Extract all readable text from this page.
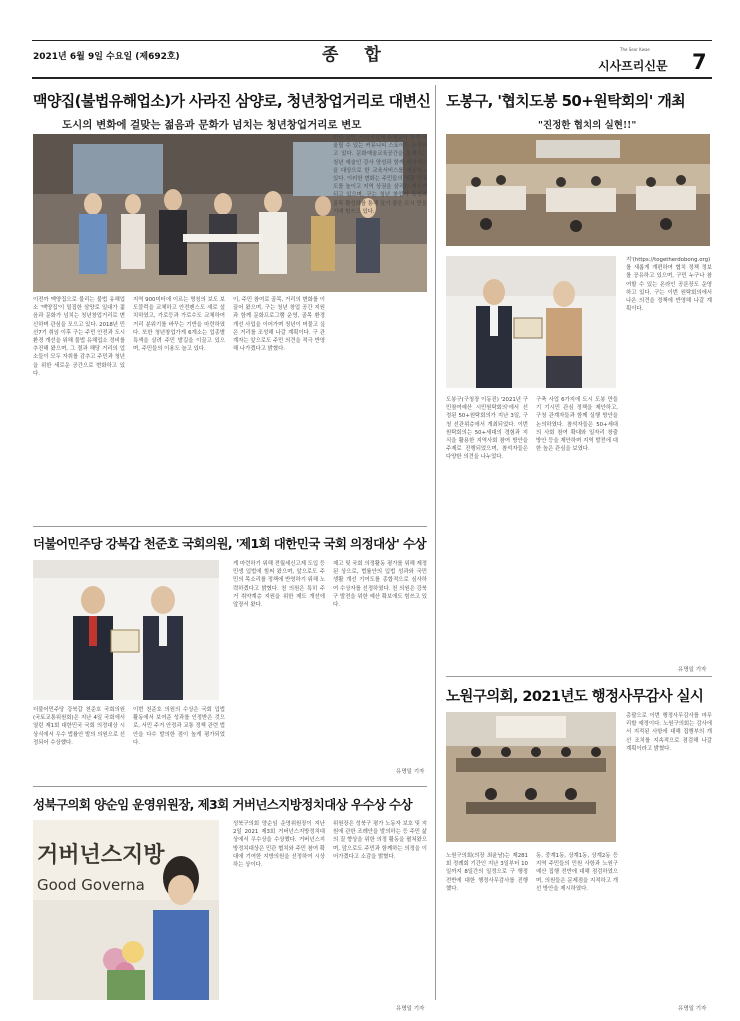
2021년 6월 9일 수요일 (제692호)	종 합	The Seor Kwae
시사프리신문 7
맥양집(불법유해업소)가 사라진 삼양로, 청년창업거리로 대변신
도시의 변화에 걸맞는 젊음과 문화가 넘치는 청년창업거리로 변모
이전까 맥양집으로 불리는 불법 유해업소 '맥양집'이 밀집한 삼양로 일대가 젊음과 문화가 넘치는 청년창업거리로 변신하며 관심을 모으고 있다. 2018년 민선7기 취임 이후 구는 주민 안전과 도시환경 개선을 위해 불법 유해업소 정비를 추진해 왔으며, 그 결과 해당 거리의 업소들이 모두 자취를 감추고 주민과 청년을 위한 새로운 공간으로 변화하고 있다.
지역 900미터에 이르는 명칭의 보도 보도블럭을 교체하고 안전펜스도 새로 설치하였고, 가로등과 가로수도 교체하여 거리 분위기를 바꾸는 기반을 마련하였다. 또한 청년창업가게 6개소는 업종별 특색을 살려 주민 발길을 이끌고 있으며, 주민들의 이용도 늘고 있다.
이, 주민 참여로 골목, 거리의 변화를 이끌어 왔으며, 구는 청년 창업 공간 지원과 함께 문화프로그램 운영, 골목 환경 개선 사업을 이어가며 청년이 머물고 싶은 거리를 조성해 나갈 계획이다. 구 관계자는 앞으로도 주민 의견을 적극 반영해 나가겠다고 밝혔다.
면과 삼인, 사회적경제 주체들이 함께 어울릴 수 있는 커뮤니티 스토어도 운영되고 있다. 문화예술교육공간을 통해서는 청년 예술인 강사 양성과 함께 취약계층을 대상으로 한 교육서비스를 제공하고 있다. 이러한 변화는 주민들의 생활 만족도를 높이고 지역 상권을 살리는 계기가 되고 있으며, 구는 청년 창업가 육성과 골목 활성화를 통해 살기 좋은 도시 만들기에 힘쓰고 있다.
도봉구, '협치도봉 50+원탁회의' 개최
"진정한 협치의 실현!!"
도봉구(구청장 이동진) '2021년 구민참여예산 시민원탁회의'에서 선정된 50+원탁회의가 지난 3일, 구청 선관위층에서 개최되었다. 이번 원탁회의는 50+세대의 경험과 지식을 활용한 지역사회 참여 방안을 주제로 진행되었으며, 참석자들은 다양한 의견을 나누었다.
구축 사업 6가지에 도시 도봉 만들기 기시민 관심 정책을 제안하고, 구청 관계자들과 함께 실행 방안을 논의하였다. 참석자들은 50+세대의 사회 참여 확대와 일자리 창출 방안 등을 제안하며 지역 발전에 대한 높은 관심을 보였다.
지'(https://togetherdobong.org)를 새롭게 개편하여 협치 정책 정보를 공유하고 있으며, 구민 누구나 참여할 수 있는 온라인 공론장도 운영하고 있다. 구는 이번 원탁회의에서 나온 의견을 정책에 반영해 나갈 계획이다.
유명일 기자
더불어민주당 강북갑 천준호 국회의원, '제1회 대한민국 국회 의정대상' 수상
더불어민주당 강북갑 천준호 국회의원(국토교통위원회)은 지난 4일 국회에서 열린 제1회 대한민국 국회 의정대상 시상식에서 우수 법률안 발의 의원으로 선정되어 수상했다.
이번 천준호 의원의 수상은 국회 입법 활동에서 보여준 성과를 인정받은 것으로, 서민 주거 안정과 교통 정책 관련 법안을 다수 발의한 점이 높게 평가되었다.
게 마련하기 위해 전월세신고제 도입 등 민생 입법에 힘써 왔으며, 앞으로도 주민의 목소리를 정책에 반영하기 위해 노력하겠다고 밝혔다. 천 의원은 특히 주거 취약계층 지원을 위한 제도 개선에 앞장서 왔다.
제고 및 국회 의정활동 평가를 위해 제정된 상으로, 법률안의 입법 성과와 국민 생활 개선 기여도를 종합적으로 심사하여 수상자를 선정하였다. 천 의원은 강북구 발전을 위한 예산 확보에도 힘쓰고 있다.
유명일 기자
노원구의회, 2021년도 행정사무감사 실시
노원구의회(의장 최윤남)는 제281회 정례회 기간인 지난 3일부터 10일까지 8일간의 일정으로 구 행정 전반에 대한 행정사무감사를 진행했다.
동, 중계1동, 상계1동, 상계2동 등 지역 주민들의 민원 사항과 노원구 예산 집행 전반에 대해 점검하였으며, 의원들은 문제점을 지적하고 개선 방안을 제시하였다.
총괄으로 이번 행정사무감사를 마무리할 예정이다. 노원구의회는 감사에서 지적된 사항에 대해 집행부의 개선 조치를 지속적으로 점검해 나갈 계획이라고 밝혔다.
유명일 기자
성북구의회 양순임 운영위원장, 제3회 거버넌스지방정치대상 우수상 수상
거버넌스지방
Good Governa
성북구의회 양순임 운영위원장이 지난 2일 2021 제3회 거버넌스지방정치대상에서 우수상을 수상했다. 거버넌스지방정치대상은 민관 협치와 주민 참여 확대에 기여한 지방의원을 선정하여 시상하는 상이다.
위원장은 성북구 평가 노동자 보호 및 지원에 관한 조례안을 발의하는 등 주민 삶의 질 향상을 위한 의정 활동을 펼쳐왔으며, 앞으로도 주민과 함께하는 의정을 이어가겠다고 소감을 밝혔다.
유명일 기자
